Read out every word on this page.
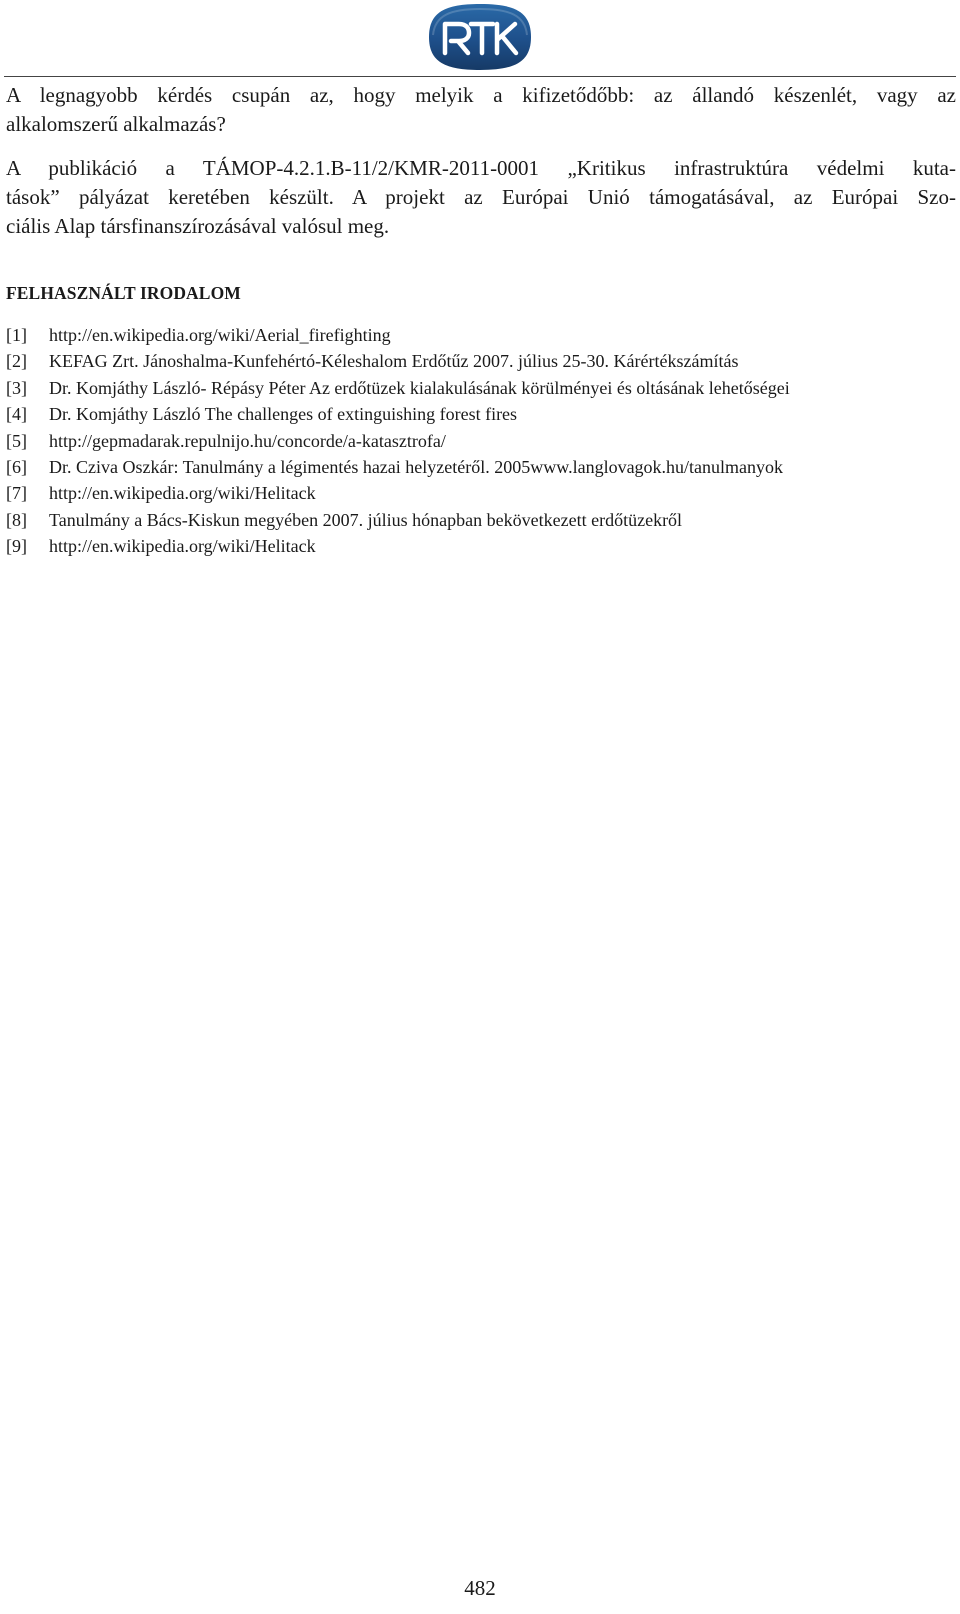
A legnagyobb kérdés csupán az, hogy melyik a kifizetődőbb: az állandó készenlét, vagy az
alkalomszerű alkalmazás?

A publikáció a TÁMOP-4.2.1.B-11/2/KMR-2011-0001 „Kritikus infrastruktúra védelmi kuta-
tások” pályázat keretében készült. A projekt az Európai Unió támogatásával, az Európai Szo-
ciális Alap társfinanszírozásával valósul meg.

FELHASZNÁLT IRODALOM
[1]	http://en.wikipedia.org/wiki/Aerial_firefighting
[2]	KEFAG Zrt. Jánoshalma-Kunfehértó-Kéleshalom Erdőtűz 2007. július 25-30. Kárértékszámítás
[3]	Dr. Komjáthy László- Répásy Péter Az erdőtüzek kialakulásának körülményei és oltásának lehetőségei
[4]	Dr. Komjáthy László The challenges of extinguishing forest fires
[5]	http://gepmadarak.repulnijo.hu/concorde/a-katasztrofa/
[6]	Dr. Cziva Oszkár: Tanulmány a légimentés hazai helyzetéről. 2005www.langlovagok.hu/tanulmanyok
[7]	http://en.wikipedia.org/wiki/Helitack
[8]	Tanulmány a Bács-Kiskun megyében 2007. július hónapban bekövetkezett erdőtüzekről
[9]	http://en.wikipedia.org/wiki/Helitack
482
